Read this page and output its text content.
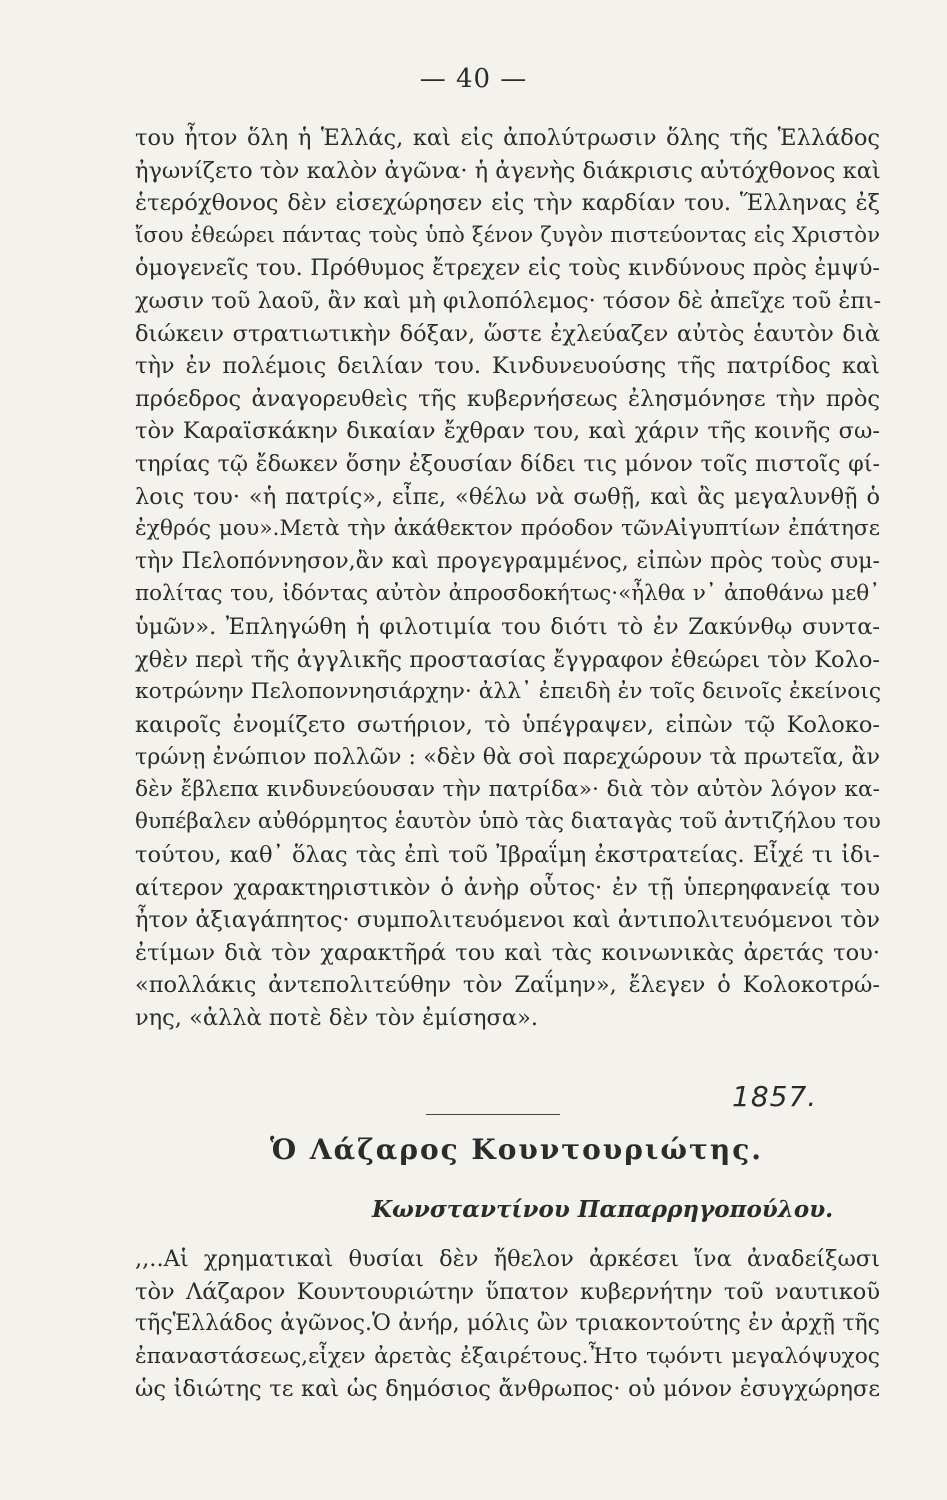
— 40 —
του ἦτον ὅλη ἡ Ἑλλάς, καὶ εἰς ἀπολύτρωσιν ὅλης τῆς Ἑλλάδος
ἠγωνίζετο τὸν καλὸν ἀγῶνα· ἡ ἀγενὴς διάκρισις αὐτόχθονος καὶ
ἑτερόχθονος δὲν εἰσεχώρησεν εἰς τὴν καρδίαν του. Ἕλληνας ἐξ
ἴσου ἐθεώρει πάντας τοὺς ὑπὸ ξένον ζυγὸν πιστεύοντας εἰς Χριστὸν
ὁμογενεῖς του. Πρόθυμος ἔτρεχεν εἰς τοὺς κινδύνους πρὸς ἐμψύ-
χωσιν τοῦ λαοῦ, ἂν καὶ μὴ φιλοπόλεμος· τόσον δὲ ἀπεῖχε τοῦ ἐπι-
διώκειν στρατιωτικὴν δόξαν, ὥστε ἐχλεύαζεν αὐτὸς ἑαυτὸν διὰ
τὴν ἐν πολέμοις δειλίαν του. Κινδυνευούσης τῆς πατρίδος καὶ
πρόεδρος ἀναγορευθεὶς τῆς κυβερνήσεως ἐλησμόνησε τὴν πρὸς
τὸν Καραϊσκάκην δικαίαν ἔχθραν του, καὶ χάριν τῆς κοινῆς σω-
τηρίας τῷ ἔδωκεν ὅσην ἐξουσίαν δίδει τις μόνον τοῖς πιστοῖς φί-
λοις του· «ἡ πατρίς», εἶπε, «θέλω νὰ σωθῇ, καὶ ἂς μεγαλυνθῇ ὁ
ἐχθρός μου».Μετὰ τὴν ἀκάθεκτον πρόοδον τῶνΑἰγυπτίων ἐπάτησε
τὴν Πελοπόννησον,ἂν καὶ προγεγραμμένος, εἰπὼν πρὸς τοὺς συμ-
πολίτας του, ἰδόντας αὐτὸν ἀπροσδοκήτως·«ἦλθα ν᾽ ἀποθάνω μεθ᾽
ὑμῶν». Ἐπληγώθη ἡ φιλοτιμία του διότι τὸ ἐν Ζακύνθῳ συντα-
χθὲν περὶ τῆς ἀγγλικῆς προστασίας ἔγγραφον ἐθεώρει τὸν Κολο-
κοτρώνην Πελοποννησιάρχην· ἀλλ᾽ ἐπειδὴ ἐν τοῖς δεινοῖς ἐκείνοις
καιροῖς ἐνομίζετο σωτήριον, τὸ ὑπέγραψεν, εἰπὼν τῷ Κολοκο-
τρώνῃ ἐνώπιον πολλῶν : «δὲν θὰ σοὶ παρεχώρουν τὰ πρωτεῖα, ἂν
δὲν ἔβλεπα κινδυνεύουσαν τὴν πατρίδα»· διὰ τὸν αὐτὸν λόγον κα-
θυπέβαλεν αὐθόρμητος ἑαυτὸν ὑπὸ τὰς διαταγὰς τοῦ ἀντιζήλου του
τούτου, καθ᾽ ὅλας τὰς ἐπὶ τοῦ Ἰβραΐμη ἐκστρατείας. Εἶχέ τι ἰδι-
αίτερον χαρακτηριστικὸν ὁ ἀνὴρ οὗτος· ἐν τῇ ὑπερηφανείᾳ του
ἦτον ἀξιαγάπητος· συμπολιτευόμενοι καὶ ἀντιπολιτευόμενοι τὸν
ἐτίμων διὰ τὸν χαρακτῆρά του καὶ τὰς κοινωνικὰς ἀρετάς του·
«πολλάκις ἀντεπολιτεύθην τὸν Ζαΐμην», ἔλεγεν ὁ Κολοκοτρώ-
νης, «ἀλλὰ ποτὲ δὲν τὸν ἐμίσησα».
1857.
Ὁ Λάζαρος Κουντουριώτης.
Κωνσταντίνου Παπαρρηγοπούλου.
,,..Αἱ χρηματικαὶ θυσίαι δὲν ἤθελον ἀρκέσει ἵνα ἀναδείξωσι
τὸν Λάζαρον Κουντουριώτην ὕπατον κυβερνήτην τοῦ ναυτικοῦ
τῆςἙλλάδος ἀγῶνος.Ὁ ἀνήρ, μόλις ὢν τριακοντούτης ἐν ἀρχῇ τῆς
ἐπαναστάσεως,εἶχεν ἀρετὰς ἐξαιρέτους.Ἦτο τῳόντι μεγαλόψυχος
ὡς ἰδιώτης τε καὶ ὡς δημόσιος ἄνθρωπος· οὐ μόνον ἐσυγχώρησε
